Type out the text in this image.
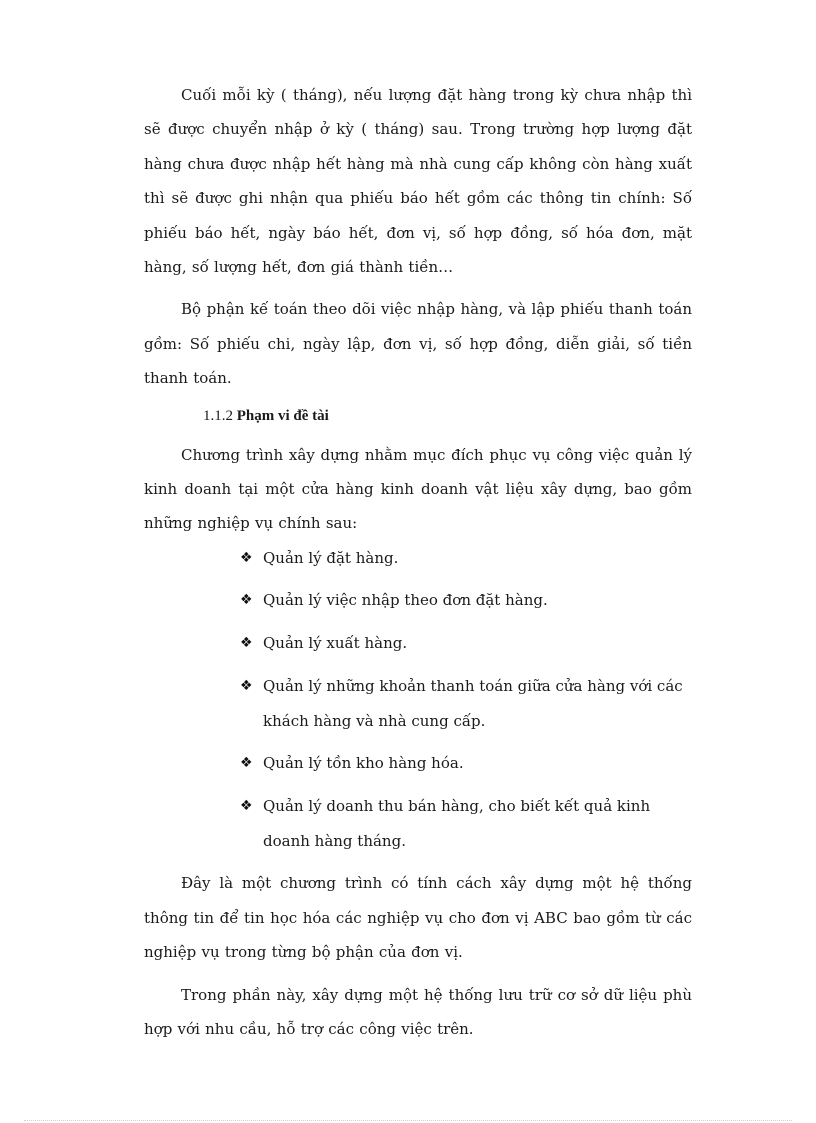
Cuối mỗi kỳ ( tháng), nếu lượng đặt hàng trong kỳ chưa nhập thì sẽ được chuyển nhập ở kỳ ( tháng) sau. Trong trường hợp lượng đặt hàng chưa được nhập hết hàng mà nhà cung cấp không còn hàng xuất thì sẽ được ghi nhận qua phiếu báo hết gồm các thông tin chính: Số phiếu báo hết, ngày báo hết, đơn vị, số hợp đồng, số hóa đơn, mặt hàng, số lượng hết, đơn giá thành tiền…

Bộ phận kế toán theo dõi việc nhập hàng, và lập phiếu thanh toán gồm: Số phiếu chi, ngày lập, đơn vị, số hợp đồng, diễn giải, số tiền thanh toán.

1.1.2 Phạm vi đề tài

Chương trình xây dựng nhằm mục đích phục vụ công việc quản lý kinh doanh tại một cửa hàng kinh doanh vật liệu xây dựng, bao gồm những nghiệp vụ chính sau:

❖ Quản lý đặt hàng.
❖ Quản lý việc nhập theo đơn đặt hàng.
❖ Quản lý xuất hàng.
❖ Quản lý những khoản thanh toán giữa cửa hàng với các khách hàng và nhà cung cấp.
❖ Quản lý tồn kho hàng hóa.
❖ Quản lý doanh thu bán hàng, cho biết kết quả kinh doanh hàng tháng.

Đây là một chương trình có tính cách xây dựng một hệ thống thông tin để tin học hóa các nghiệp vụ cho đơn vị ABC bao gồm từ các nghiệp vụ trong từng bộ phận của đơn vị.

Trong phần này, xây dựng một hệ thống lưu trữ cơ sở dữ liệu phù hợp với nhu cầu, hỗ trợ các công việc trên.
